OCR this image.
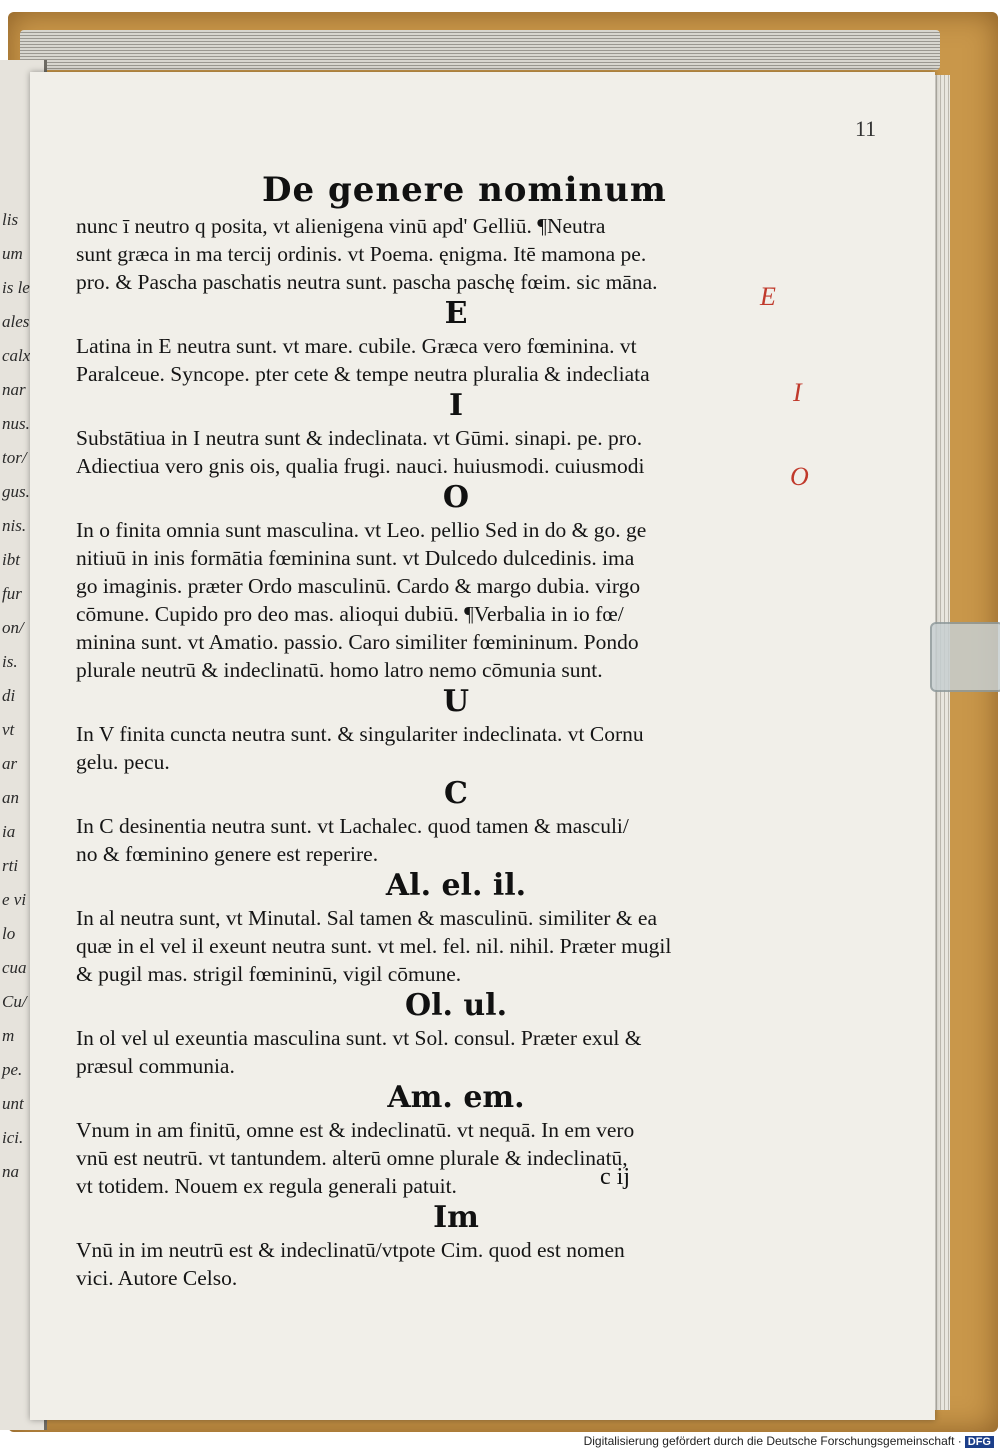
lis
um
is le
ales
calx
nar
nus.
tor/
gus.
nis.
ibt
fur
on/
is.
di
vt
ar
an
ia
rti
e vi
lo
cua
Cu/
m
pe.
unt
ici.
na
11
De genere nominum
nunc ī neutro q posita, vt alienigena vinū apd' Gelliū. ¶Neutra
sunt græca in ma tercij ordinis. vt Poema. ęnigma. Itē mamona pe.
pro. & Pascha paschatis neutra sunt. pascha paschę fœim. sic māna.
E
Latina in E neutra sunt. vt mare. cubile. Græca vero fœminina. vt
Paralceue. Syncope. pter cete & tempe neutra pluralia & indecliata
I
Substātiua in I neutra sunt & indeclinata. vt Gūmi. sinapi. pe. pro.
Adiectiua vero gnis ois, qualia frugi. nauci. huiusmodi. cuiusmodi
O
In o finita omnia sunt masculina. vt Leo. pellio Sed in do & go. ge
nitiuū in inis formātia fœminina sunt. vt Dulcedo dulcedinis. ima
go imaginis. præter Ordo masculinū. Cardo & margo dubia. virgo
cōmune. Cupido pro deo mas. alioqui dubiū. ¶Verbalia in io fœ/
minina sunt. vt Amatio. passio. Caro similiter fœmininum. Pondo
plurale neutrū & indeclinatū. homo latro nemo cōmunia sunt.
U
In V finita cuncta neutra sunt. & singulariter indeclinata. vt Cornu
gelu. pecu.
C
In C desinentia neutra sunt. vt Lachalec. quod tamen & masculi/
no & fœminino genere est reperire.
Al. el. il.
In al neutra sunt, vt Minutal. Sal tamen & masculinū. similiter & ea
quæ in el vel il exeunt neutra sunt. vt mel. fel. nil. nihil. Præter mugil
& pugil mas. strigil fœmininū, vigil cōmune.
Ol. ul.
In ol vel ul exeuntia masculina sunt. vt Sol. consul. Præter exul &
præsul communia.
Am. em.
Vnum in am finitū, omne est & indeclinatū. vt nequā. In em vero
vnū est neutrū. vt tantundem. alterū omne plurale & indeclinatū,
vt totidem. Nouem ex regula generali patuit.
Im
Vnū in im neutrū est & indeclinatū/vtpote Cim. quod est nomen
vici. Autore Celso.
c ij
E
I
O
Digitalisierung gefördert durch die Deutsche Forschungsgemeinschaft · DFG
